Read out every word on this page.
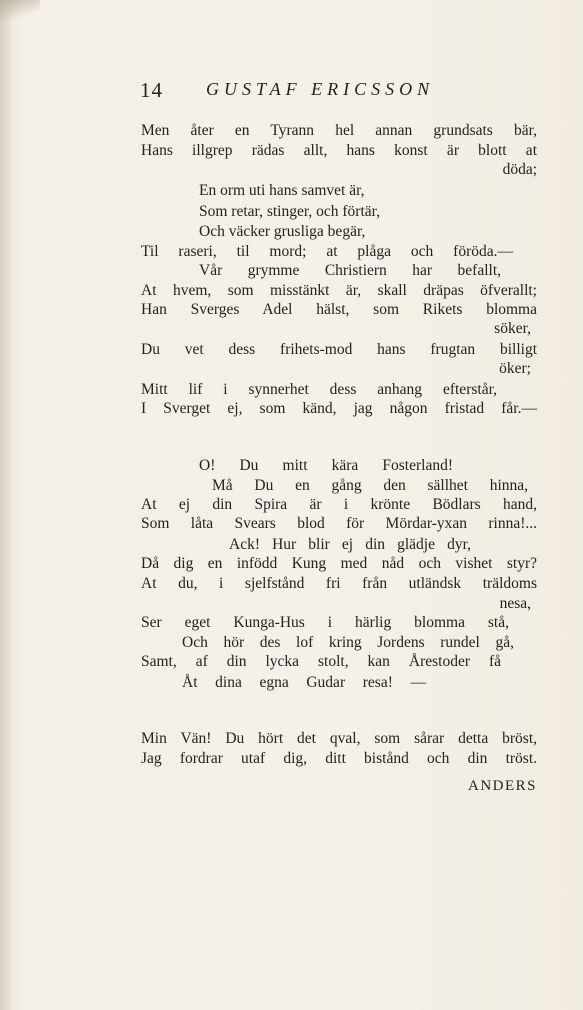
14 GUSTAF ERICSSON
Men åter en Tyrann hel annan grundsats bär,
Hans illgrep rädas allt, hans konst är blott at
döda;
En orm uti hans samvet är,
Som retar, stinger, och förtär,
Och väcker grusliga begär,
Til raseri, til mord; at plåga och föröda.—
Vår grymme Christiern har befallt,
At hvem, som misstänkt är, skall dräpas öfverallt;
Han Sverges Adel hälst, som Rikets blomma
söker,
Du vet dess frihets-mod hans frugtan billigt
öker;
Mitt lif i synnerhet dess anhang efterstår,
I Sverget ej, som känd, jag någon fristad får.—
O! Du mitt kära Fosterland!
Må Du en gång den sällhet hinna,
At ej din Spira är i krönte Bödlars hand,
Som låta Svears blod för Mördar-yxan rinna!...
Ack! Hur blir ej din glädje dyr,
Då dig en infödd Kung med nåd och vishet styr?
At du, i sjelfstånd fri från utländsk träldoms
nesa,
Ser eget Kunga-Hus i härlig blomma stå,
Och hör des lof kring Jordens rundel gå,
Samt, af din lycka stolt, kan Årestoder få
Åt dina egna Gudar resa! —
Min Vän! Du hört det qval, som sårar detta bröst,
Jag fordrar utaf dig, ditt bistånd och din tröst.
ANDERS
